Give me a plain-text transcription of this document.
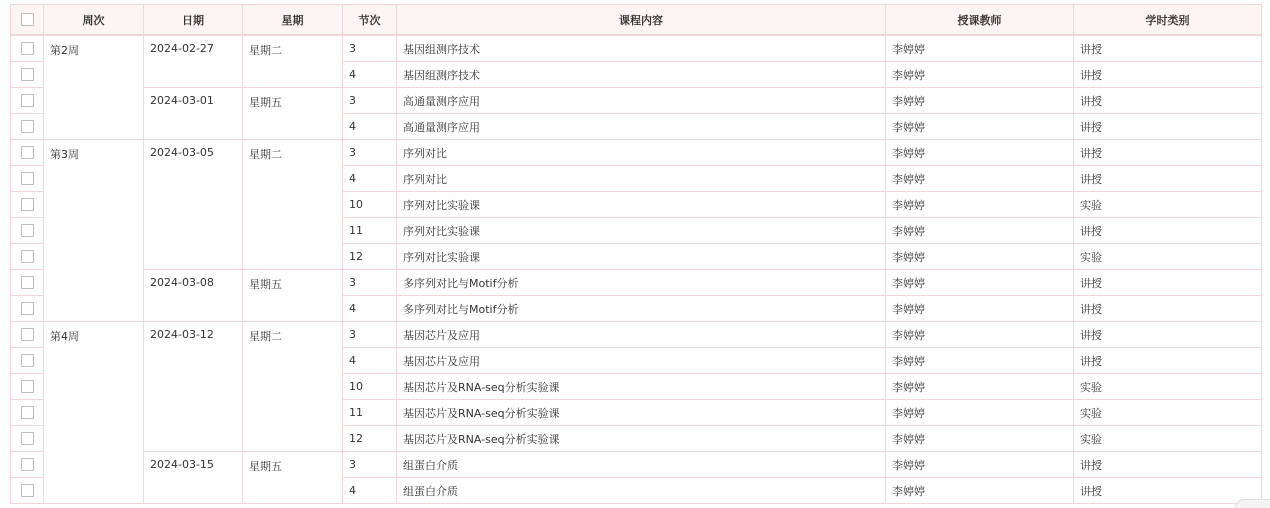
	周次	日期	星期	节次	课程内容	授课教师	学时类别
	第2周	2024-02-27	星期二	3	基因组测序技术	李婷婷	讲授
				4	基因组测序技术	李婷婷	讲授
		2024-03-01	星期五	3	高通量测序应用	李婷婷	讲授
				4	高通量测序应用	李婷婷	讲授
	第3周	2024-03-05	星期二	3	序列对比	李婷婷	讲授
				4	序列对比	李婷婷	讲授
				10	序列对比实验课	李婷婷	实验
				11	序列对比实验课	李婷婷	讲授
				12	序列对比实验课	李婷婷	实验
		2024-03-08	星期五	3	多序列对比与Motif分析	李婷婷	讲授
				4	多序列对比与Motif分析	李婷婷	讲授
	第4周	2024-03-12	星期二	3	基因芯片及应用	李婷婷	讲授
				4	基因芯片及应用	李婷婷	讲授
				10	基因芯片及RNA-seq分析实验课	李婷婷	实验
				11	基因芯片及RNA-seq分析实验课	李婷婷	实验
				12	基因芯片及RNA-seq分析实验课	李婷婷	实验
		2024-03-15	星期五	3	组蛋白介质	李婷婷	讲授
				4	组蛋白介质	李婷婷	讲授
